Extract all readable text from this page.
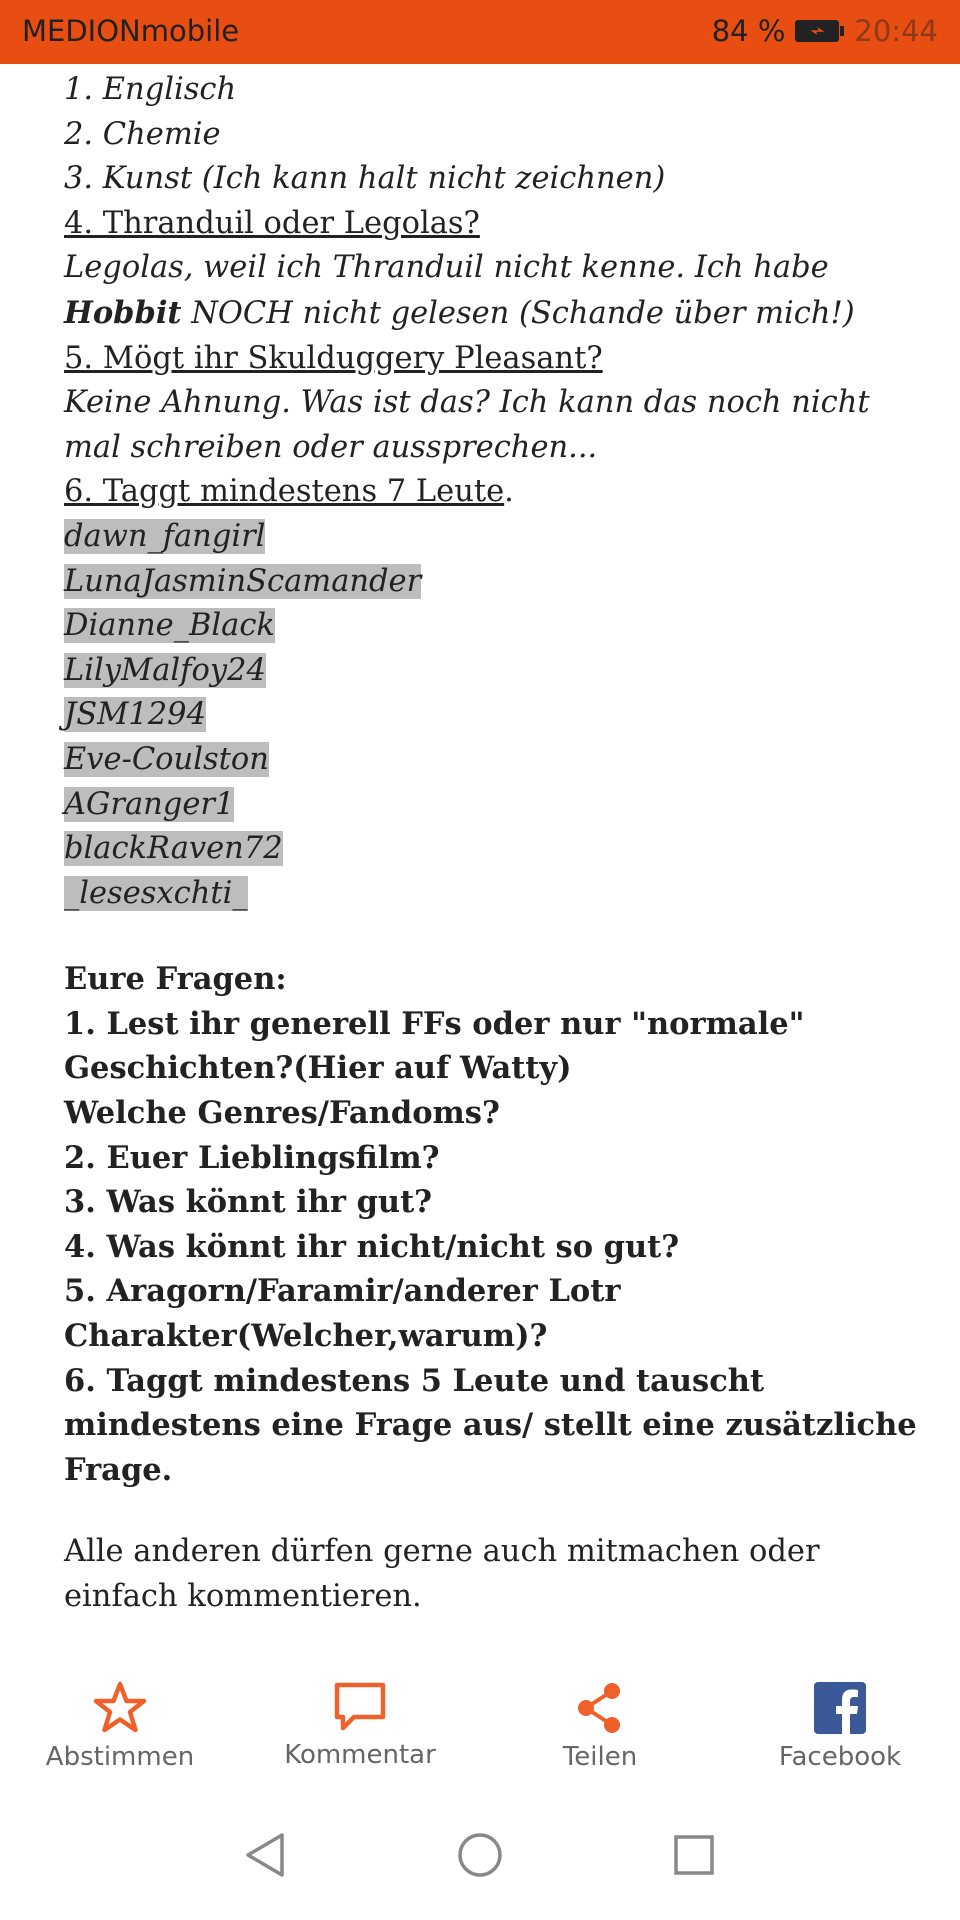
MEDIONmobile	84 % 20:44
1. Englisch
2. Chemie
3. Kunst (Ich kann halt nicht zeichnen)
4. Thranduil oder Legolas?
Legolas, weil ich Thranduil nicht kenne. Ich habe
Hobbit NOCH nicht gelesen (Schande über mich!)
5. Mögt ihr Skulduggery Pleasant?
Keine Ahnung. Was ist das? Ich kann das noch nicht
mal schreiben oder aussprechen...
6. Taggt mindestens 7 Leute.
dawn_fangirl
LunaJasminScamander
Dianne_Black
LilyMalfoy24
JSM1294
Eve-Coulston
AGranger1
blackRaven72
_lesesxchti_
Eure Fragen:
1. Lest ihr generell FFs oder nur "normale"
Geschichten?(Hier auf Watty)
Welche Genres/Fandoms?
2. Euer Lieblingsfilm?
3. Was könnt ihr gut?
4. Was könnt ihr nicht/nicht so gut?
5. Aragorn/Faramir/anderer Lotr
Charakter(Welcher,warum)?
6. Taggt mindestens 5 Leute und tauscht
mindestens eine Frage aus/ stellt eine zusätzliche
Frage.
Alle anderen dürfen gerne auch mitmachen oder
einfach kommentieren.
Abstimmen	Kommentar	Teilen	Facebook
